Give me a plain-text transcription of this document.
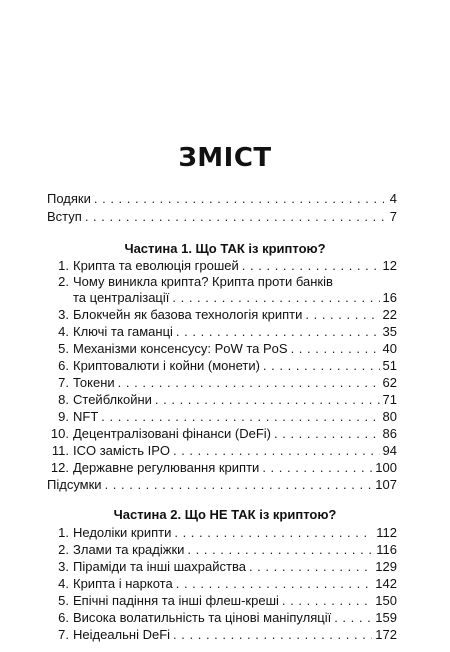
ЗМІСТ
Подяки . . .	4
Вступ . . .	7
Частина 1. Що ТАК із криптою?
1. Крипта та еволюція грошей . . .	12
2. Чому виникла крипта? Крипта проти банків
та централізації . . .	16
3. Блокчейн як базова технологія крипти . . .	22
4. Ключі та гаманці . . .	35
5. Механізми консенсусу: PoW та PoS . . .	40
6. Криптовалюти і койни (монети) . . .	51
7. Токени . . .	62
8. Стейблкойни . . .	71
9. NFT . . .	80
10. Децентралізовані фінанси (DeFi) . . .	86
11. ICO замість IPO . . .	94
12. Державне регулювання крипти . . .	100
Підсумки . . .	107
Частина 2. Що НЕ ТАК із криптою?
1. Недоліки крипти . . .	112
2. Злами та крадіжки . . .	116
3. Піраміди та інші шахрайства . . .	129
4. Крипта і наркота . . .	142
5. Епічні падіння та інші флеш-креші . . .	150
6. Висока волатильність та цінові маніпуляції . . .	159
7. Неідеальні DeFi . . .	172
